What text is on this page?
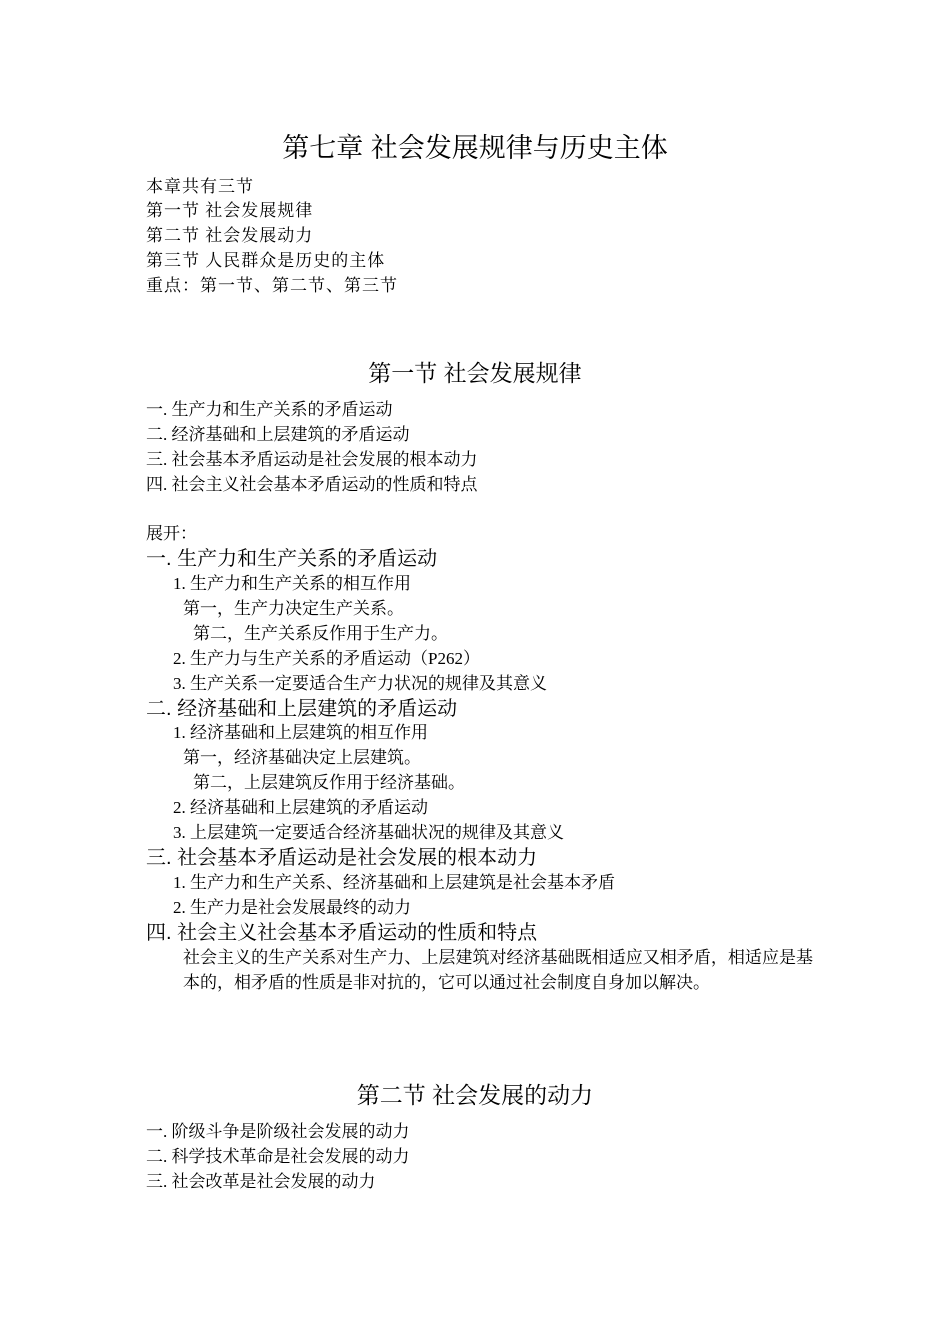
第七章 社会发展规律与历史主体
本章共有三节
第一节 社会发展规律
第二节 社会发展动力
第三节 人民群众是历史的主体
重点：第一节、第二节、第三节
第一节 社会发展规律
一. 生产力和生产关系的矛盾运动
二. 经济基础和上层建筑的矛盾运动
三. 社会基本矛盾运动是社会发展的根本动力
四. 社会主义社会基本矛盾运动的性质和特点
展开：
一. 生产力和生产关系的矛盾运动
1. 生产力和生产关系的相互作用
第一，生产力决定生产关系。
第二，生产关系反作用于生产力。
2. 生产力与生产关系的矛盾运动（P262）
3. 生产关系一定要适合生产力状况的规律及其意义
二. 经济基础和上层建筑的矛盾运动
1. 经济基础和上层建筑的相互作用
第一，经济基础决定上层建筑。
第二，上层建筑反作用于经济基础。
2. 经济基础和上层建筑的矛盾运动
3. 上层建筑一定要适合经济基础状况的规律及其意义
三. 社会基本矛盾运动是社会发展的根本动力
1. 生产力和生产关系、经济基础和上层建筑是社会基本矛盾
2. 生产力是社会发展最终的动力
四. 社会主义社会基本矛盾运动的性质和特点
社会主义的生产关系对生产力、上层建筑对经济基础既相适应又相矛盾，相适应是基本的，相矛盾的性质是非对抗的，它可以通过社会制度自身加以解决。
第二节 社会发展的动力
一. 阶级斗争是阶级社会发展的动力
二. 科学技术革命是社会发展的动力
三. 社会改革是社会发展的动力
